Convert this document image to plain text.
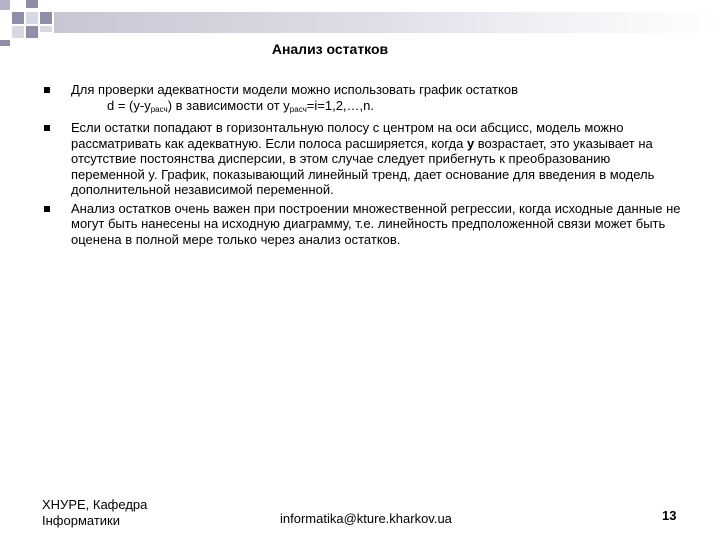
Анализ остатков
Для проверки адекватности модели можно использовать график остатков
$d = (y-y_{расч})$ в зависимости от $y_{расч}=i=1,2,\dots,n$.
Если остатки попадают в горизонтальную полосу с центром на оси абсцисс, модель можно рассматривать как адекватную. Если полоса расширяется, когда y возрастает, это указывает на отсутствие постоянства дисперсии, в этом случае следует прибегнуть к преобразованию переменной y. График, показывающий линейный тренд, дает основание для введения в модель дополнительной независимой переменной.
Анализ остатков очень важен при построении множественной регрессии, когда исходные данные не могут быть нанесены на исходную диаграмму, т.е. линейность предположенной связи может быть оценена в полной мере только через анализ остатков.
ХНУРЕ, Кафедра
Інформатики	informatika@kture.kharkov.ua	13
